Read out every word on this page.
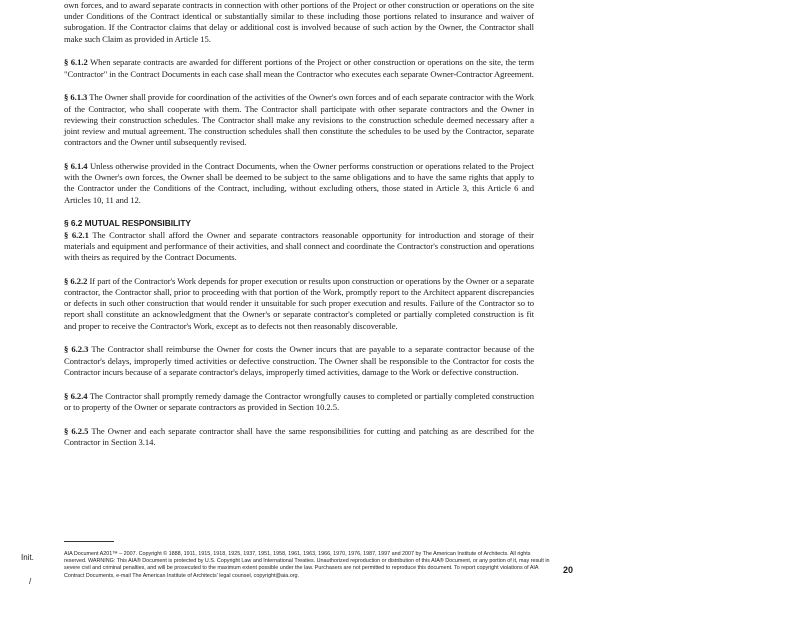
own forces, and to award separate contracts in connection with other portions of the Project or other construction or operations on the site under Conditions of the Contract identical or substantially similar to these including those portions related to insurance and waiver of subrogation. If the Contractor claims that delay or additional cost is involved because of such action by the Owner, the Contractor shall make such Claim as provided in Article 15.

§ 6.1.2 When separate contracts are awarded for different portions of the Project or other construction or operations on the site, the term "Contractor" in the Contract Documents in each case shall mean the Contractor who executes each separate Owner-Contractor Agreement.

§ 6.1.3 The Owner shall provide for coordination of the activities of the Owner's own forces and of each separate contractor with the Work of the Contractor, who shall cooperate with them. The Contractor shall participate with other separate contractors and the Owner in reviewing their construction schedules. The Contractor shall make any revisions to the construction schedule deemed necessary after a joint review and mutual agreement. The construction schedules shall then constitute the schedules to be used by the Contractor, separate contractors and the Owner until subsequently revised.

§ 6.1.4 Unless otherwise provided in the Contract Documents, when the Owner performs construction or operations related to the Project with the Owner's own forces, the Owner shall be deemed to be subject to the same obligations and to have the same rights that apply to the Contractor under the Conditions of the Contract, including, without excluding others, those stated in Article 3, this Article 6 and Articles 10, 11 and 12.

§ 6.2 MUTUAL RESPONSIBILITY

§ 6.2.1 The Contractor shall afford the Owner and separate contractors reasonable opportunity for introduction and storage of their materials and equipment and performance of their activities, and shall connect and coordinate the Contractor's construction and operations with theirs as required by the Contract Documents.

§ 6.2.2 If part of the Contractor's Work depends for proper execution or results upon construction or operations by the Owner or a separate contractor, the Contractor shall, prior to proceeding with that portion of the Work, promptly report to the Architect apparent discrepancies or defects in such other construction that would render it unsuitable for such proper execution and results. Failure of the Contractor so to report shall constitute an acknowledgment that the Owner's or separate contractor's completed or partially completed construction is fit and proper to receive the Contractor's Work, except as to defects not then reasonably discoverable.

§ 6.2.3 The Contractor shall reimburse the Owner for costs the Owner incurs that are payable to a separate contractor because of the Contractor's delays, improperly timed activities or defective construction. The Owner shall be responsible to the Contractor for costs the Contractor incurs because of a separate contractor's delays, improperly timed activities, damage to the Work or defective construction.

§ 6.2.4 The Contractor shall promptly remedy damage the Contractor wrongfully causes to completed or partially completed construction or to property of the Owner or separate contractors as provided in Section 10.2.5.

§ 6.2.5 The Owner and each separate contractor shall have the same responsibilities for cutting and patching as are described for the Contractor in Section 3.14.

Init.
/
AIA Document A201™ – 2007. Copyright © 1888, 1911, 1915, 1918, 1925, 1937, 1951, 1958, 1961, 1963, 1966, 1970, 1976, 1987, 1997 and 2007 by The American Institute of Architects. All rights reserved. WARNING: This AIA® Document is protected by U.S. Copyright Law and International Treaties. Unauthorized reproduction or distribution of this AIA® Document, or any portion of it, may result in severe civil and criminal penalties, and will be prosecuted to the maximum extent possible under the law. Purchasers are not permitted to reproduce this document. To report copyright violations of AIA Contract Documents, e-mail The American Institute of Architects' legal counsel, copyright@aia.org.
20
